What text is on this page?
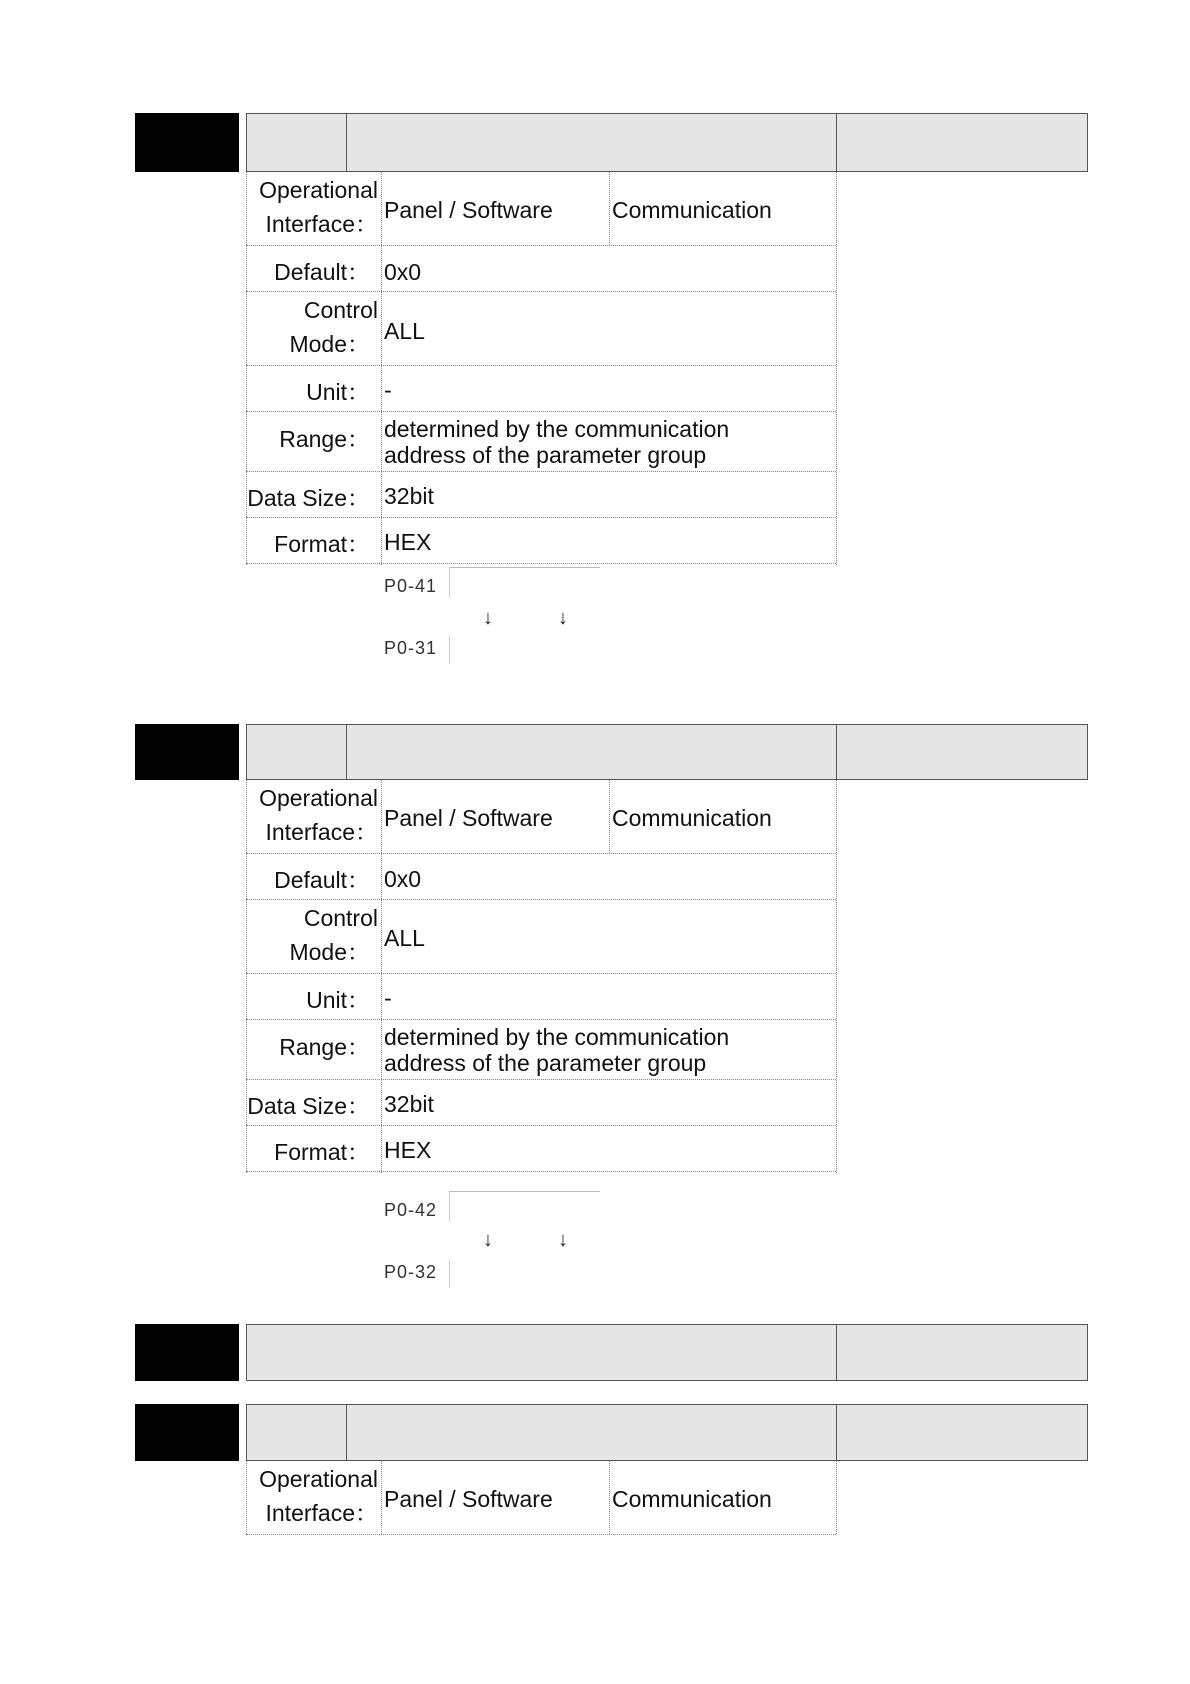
Operational
Interface：
Panel / Software	Communication
Default： 0x0
Control
Mode： ALL
Unit： -
Range： determined by the communication
address of the parameter group
Data Size： 32bit
Format： HEX
P0-41
↓	↓
P0-31
Operational
Interface：
Panel / Software	Communication
Default： 0x0
Control
Mode：
ALL
Unit： -
Range： determined by the communication
address of the parameter group
Data Size： 32bit
Format： HEX
P0-42
↓	↓
P0-32
Operational
Interface：
Panel / Software	Communication
